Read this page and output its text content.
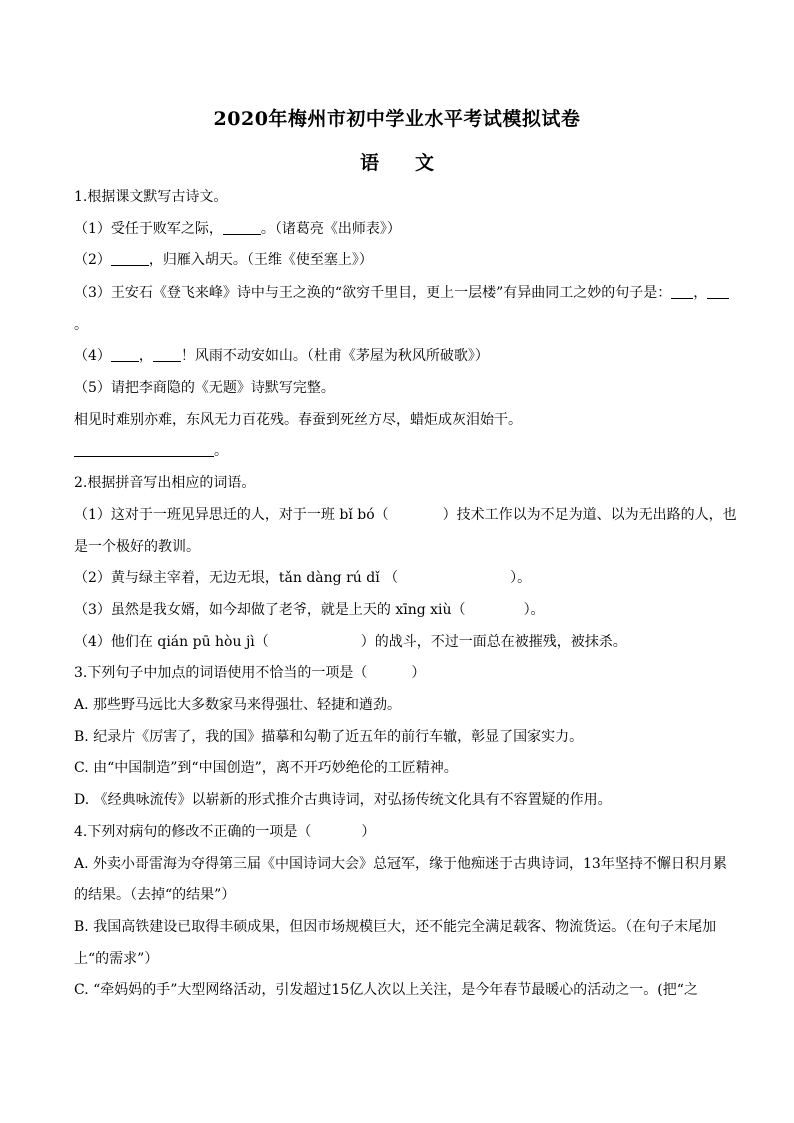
2020年梅州市初中学业水平考试模拟试卷
语文
1.根据课文默写古诗文。
（1）受任于败军之际，	。（诸葛亮《出师表》）
（2）	，归雁入胡天。（王维《使至塞上》）
（3）王安石《登飞来峰》诗中与王之涣的“欲穷千里目，更上一层楼”有异曲同工之妙的句子是： ，
。
（4） ， ！风雨不动安如山。（杜甫《茅屋为秋风所破歌》）
（5）请把李商隐的《无题》诗默写完整。
相见时难别亦难，东风无力百花残。春蚕到死丝方尽，蜡炬成灰泪始干。
。
2.根据拼音写出相应的词语。
（1）这对于一班见异思迁的人，对于一班 bǐ bó（	）技术工作以为不足为道、以为无出路的人，也
是一个极好的教训。
（2）黄与绿主宰着，无边无垠，tǎn dàng rú dǐ （	）。
（3）虽然是我女婿，如今却做了老爷，就是上天的 xīng xiù（	）。
（4）他们在 qián pū hòu jì（	）的战斗，不过一面总在被摧残，被抹杀。
3.下列句子中加点的词语使用不恰当的一项是（	）
A. 那些野马远比大多数家马来得强壮、轻捷和遒劲。
B. 纪录片《厉害了，我的国》描摹和勾勒了近五年的前行车辙，彰显了国家实力。
C. 由“中国制造”到“中国创造”，离不开巧妙绝伦的工匠精神。
D. 《经典咏流传》以崭新的形式推介古典诗词，对弘扬传统文化具有不容置疑的作用。
4.下列对病句的修改不正确的一项是（	）
A. 外卖小哥雷海为夺得第三届《中国诗词大会》总冠军，缘于他痴迷于古典诗词，13年坚持不懈日积月累
的结果。（去掉“的结果”）
B. 我国高铁建设已取得丰硕成果，但因市场规模巨大，还不能完全满足载客、物流货运。（在句子末尾加
上“的需求”）
C. “牵妈妈的手”大型网络活动，引发超过15亿人次以上关注，是今年春节最暖心的活动之一。(把“之
